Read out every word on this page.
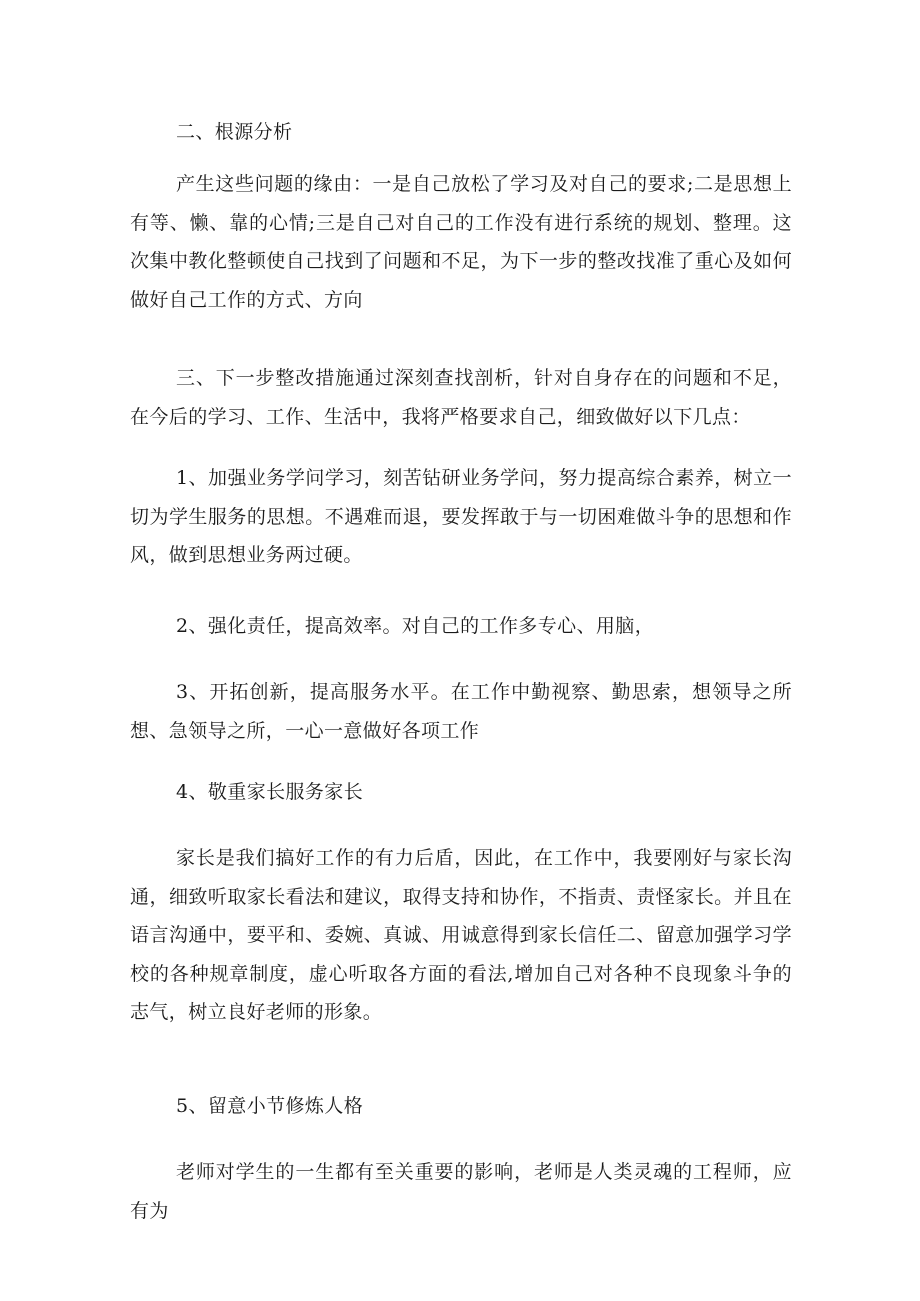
二、根源分析

产生这些问题的缘由：一是自己放松了学习及对自己的要求;二是思想上有等、懒、靠的心情;三是自己对自己的工作没有进行系统的规划、整理。这次集中教化整顿使自己找到了问题和不足，为下一步的整改找准了重心及如何做好自己工作的方式、方向

三、下一步整改措施通过深刻查找剖析，针对自身存在的问题和不足，在今后的学习、工作、生活中，我将严格要求自己，细致做好以下几点：

1、加强业务学问学习，刻苦钻研业务学问，努力提高综合素养，树立一切为学生服务的思想。不遇难而退，要发挥敢于与一切困难做斗争的思想和作风，做到思想业务两过硬。

2、强化责任，提高效率。对自己的工作多专心、用脑，

3、开拓创新，提高服务水平。在工作中勤视察、勤思索，想领导之所想、急领导之所，一心一意做好各项工作

4、敬重家长服务家长

家长是我们搞好工作的有力后盾，因此，在工作中，我要刚好与家长沟通，细致听取家长看法和建议，取得支持和协作，不指责、责怪家长。并且在语言沟通中，要平和、委婉、真诚、用诚意得到家长信任二、留意加强学习学校的各种规章制度，虚心听取各方面的看法,增加自己对各种不良现象斗争的志气，树立良好老师的形象。

5、留意小节修炼人格

老师对学生的一生都有至关重要的影响，老师是人类灵魂的工程师，应有为
